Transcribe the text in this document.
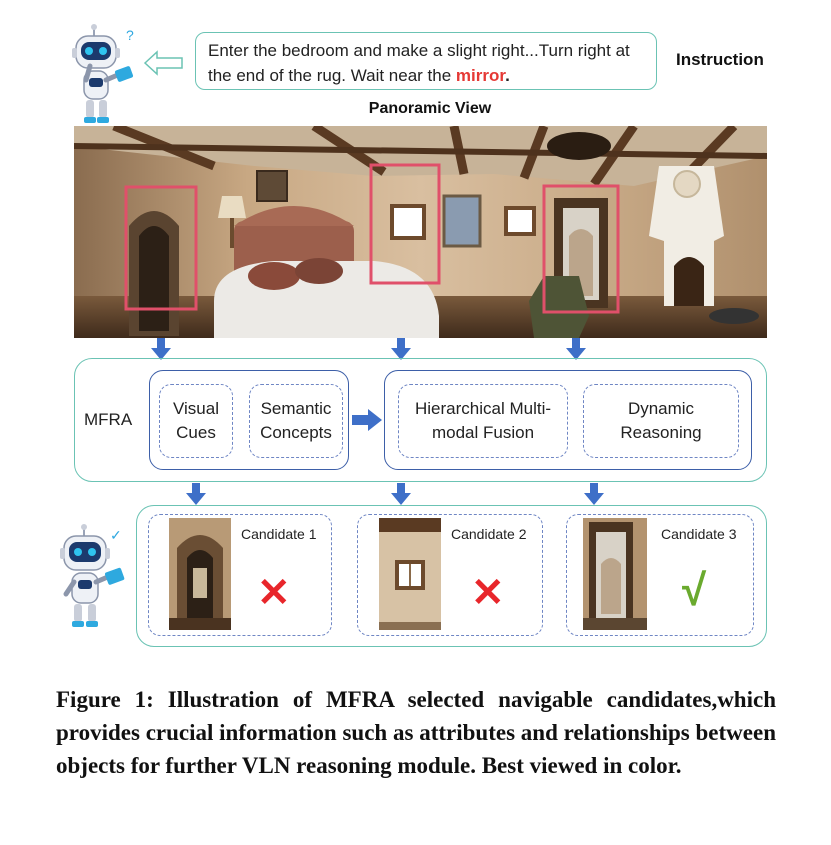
?
Enter the bedroom and make a slight right...Turn right at the end of the rug. Wait near the mirror.
Instruction
Panoramic View
MFRA
Visual Cues
Semantic Concepts
Hierarchical Multi-modal Fusion
Dynamic Reasoning
✓	Candidate 1
✕
Candidate 2
✕
Candidate 3
√
Figure 1: Illustration of MFRA selected navigable candidates,which provides crucial information such as attributes and relationships between objects for further VLN reasoning module. Best viewed in color.
